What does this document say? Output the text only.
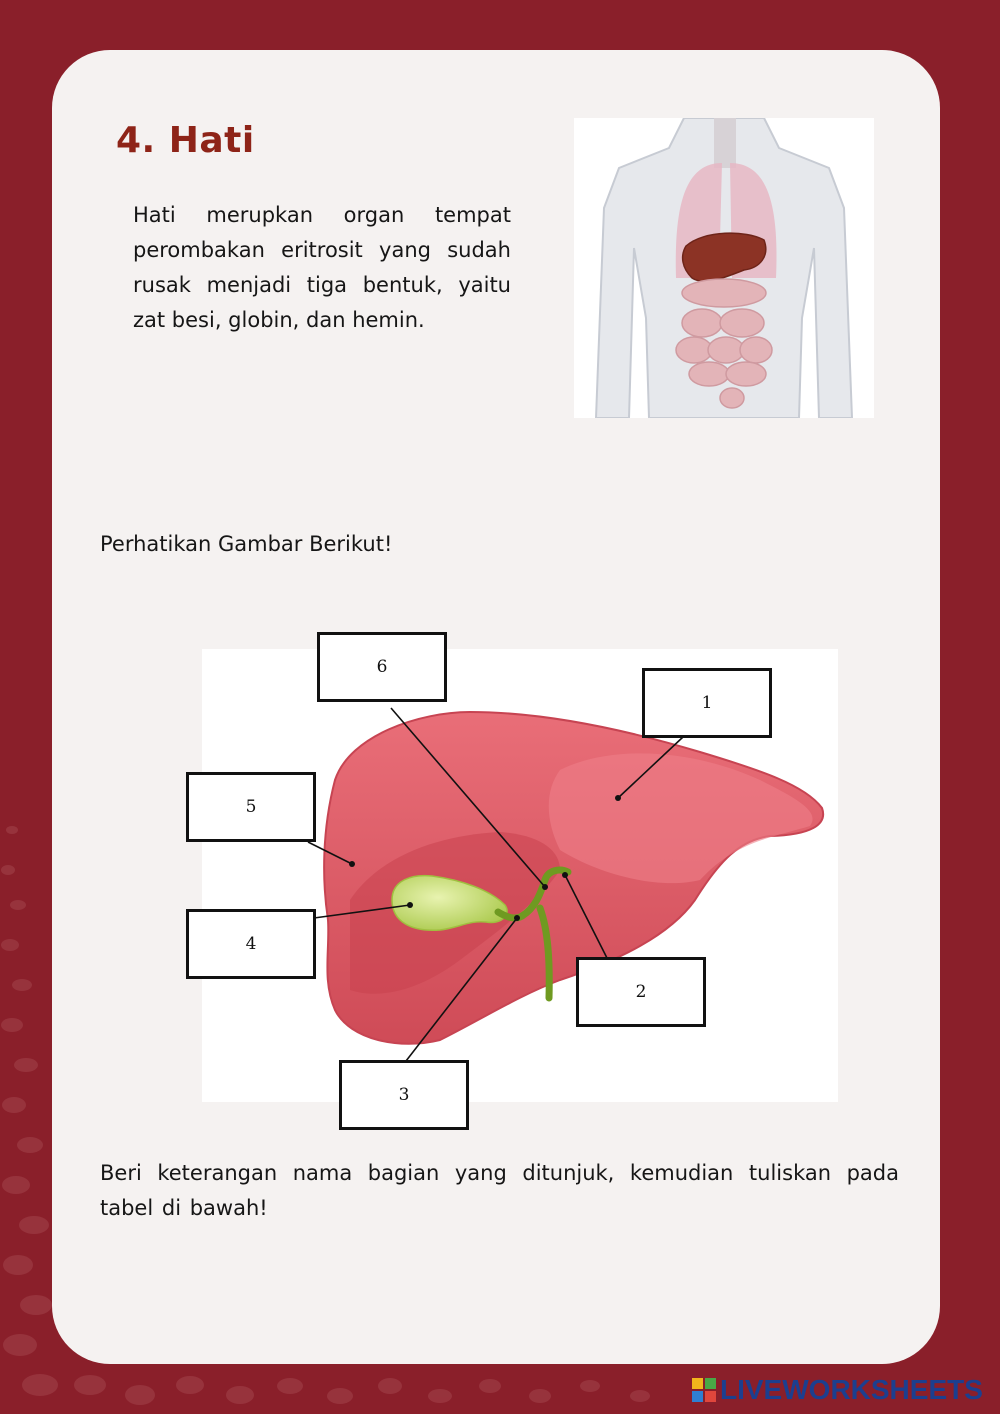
4. Hati

Hati merupkan organ tempat perombakan eritrosit yang sudah rusak menjadi tiga bentuk, yaitu zat besi, globin, dan hemin.

Perhatikan Gambar Berikut!

1
2
3
4
5
6

Beri keterangan nama bagian yang ditunjuk, kemudian tuliskan pada tabel di bawah!

LIVEWORKSHEETS
